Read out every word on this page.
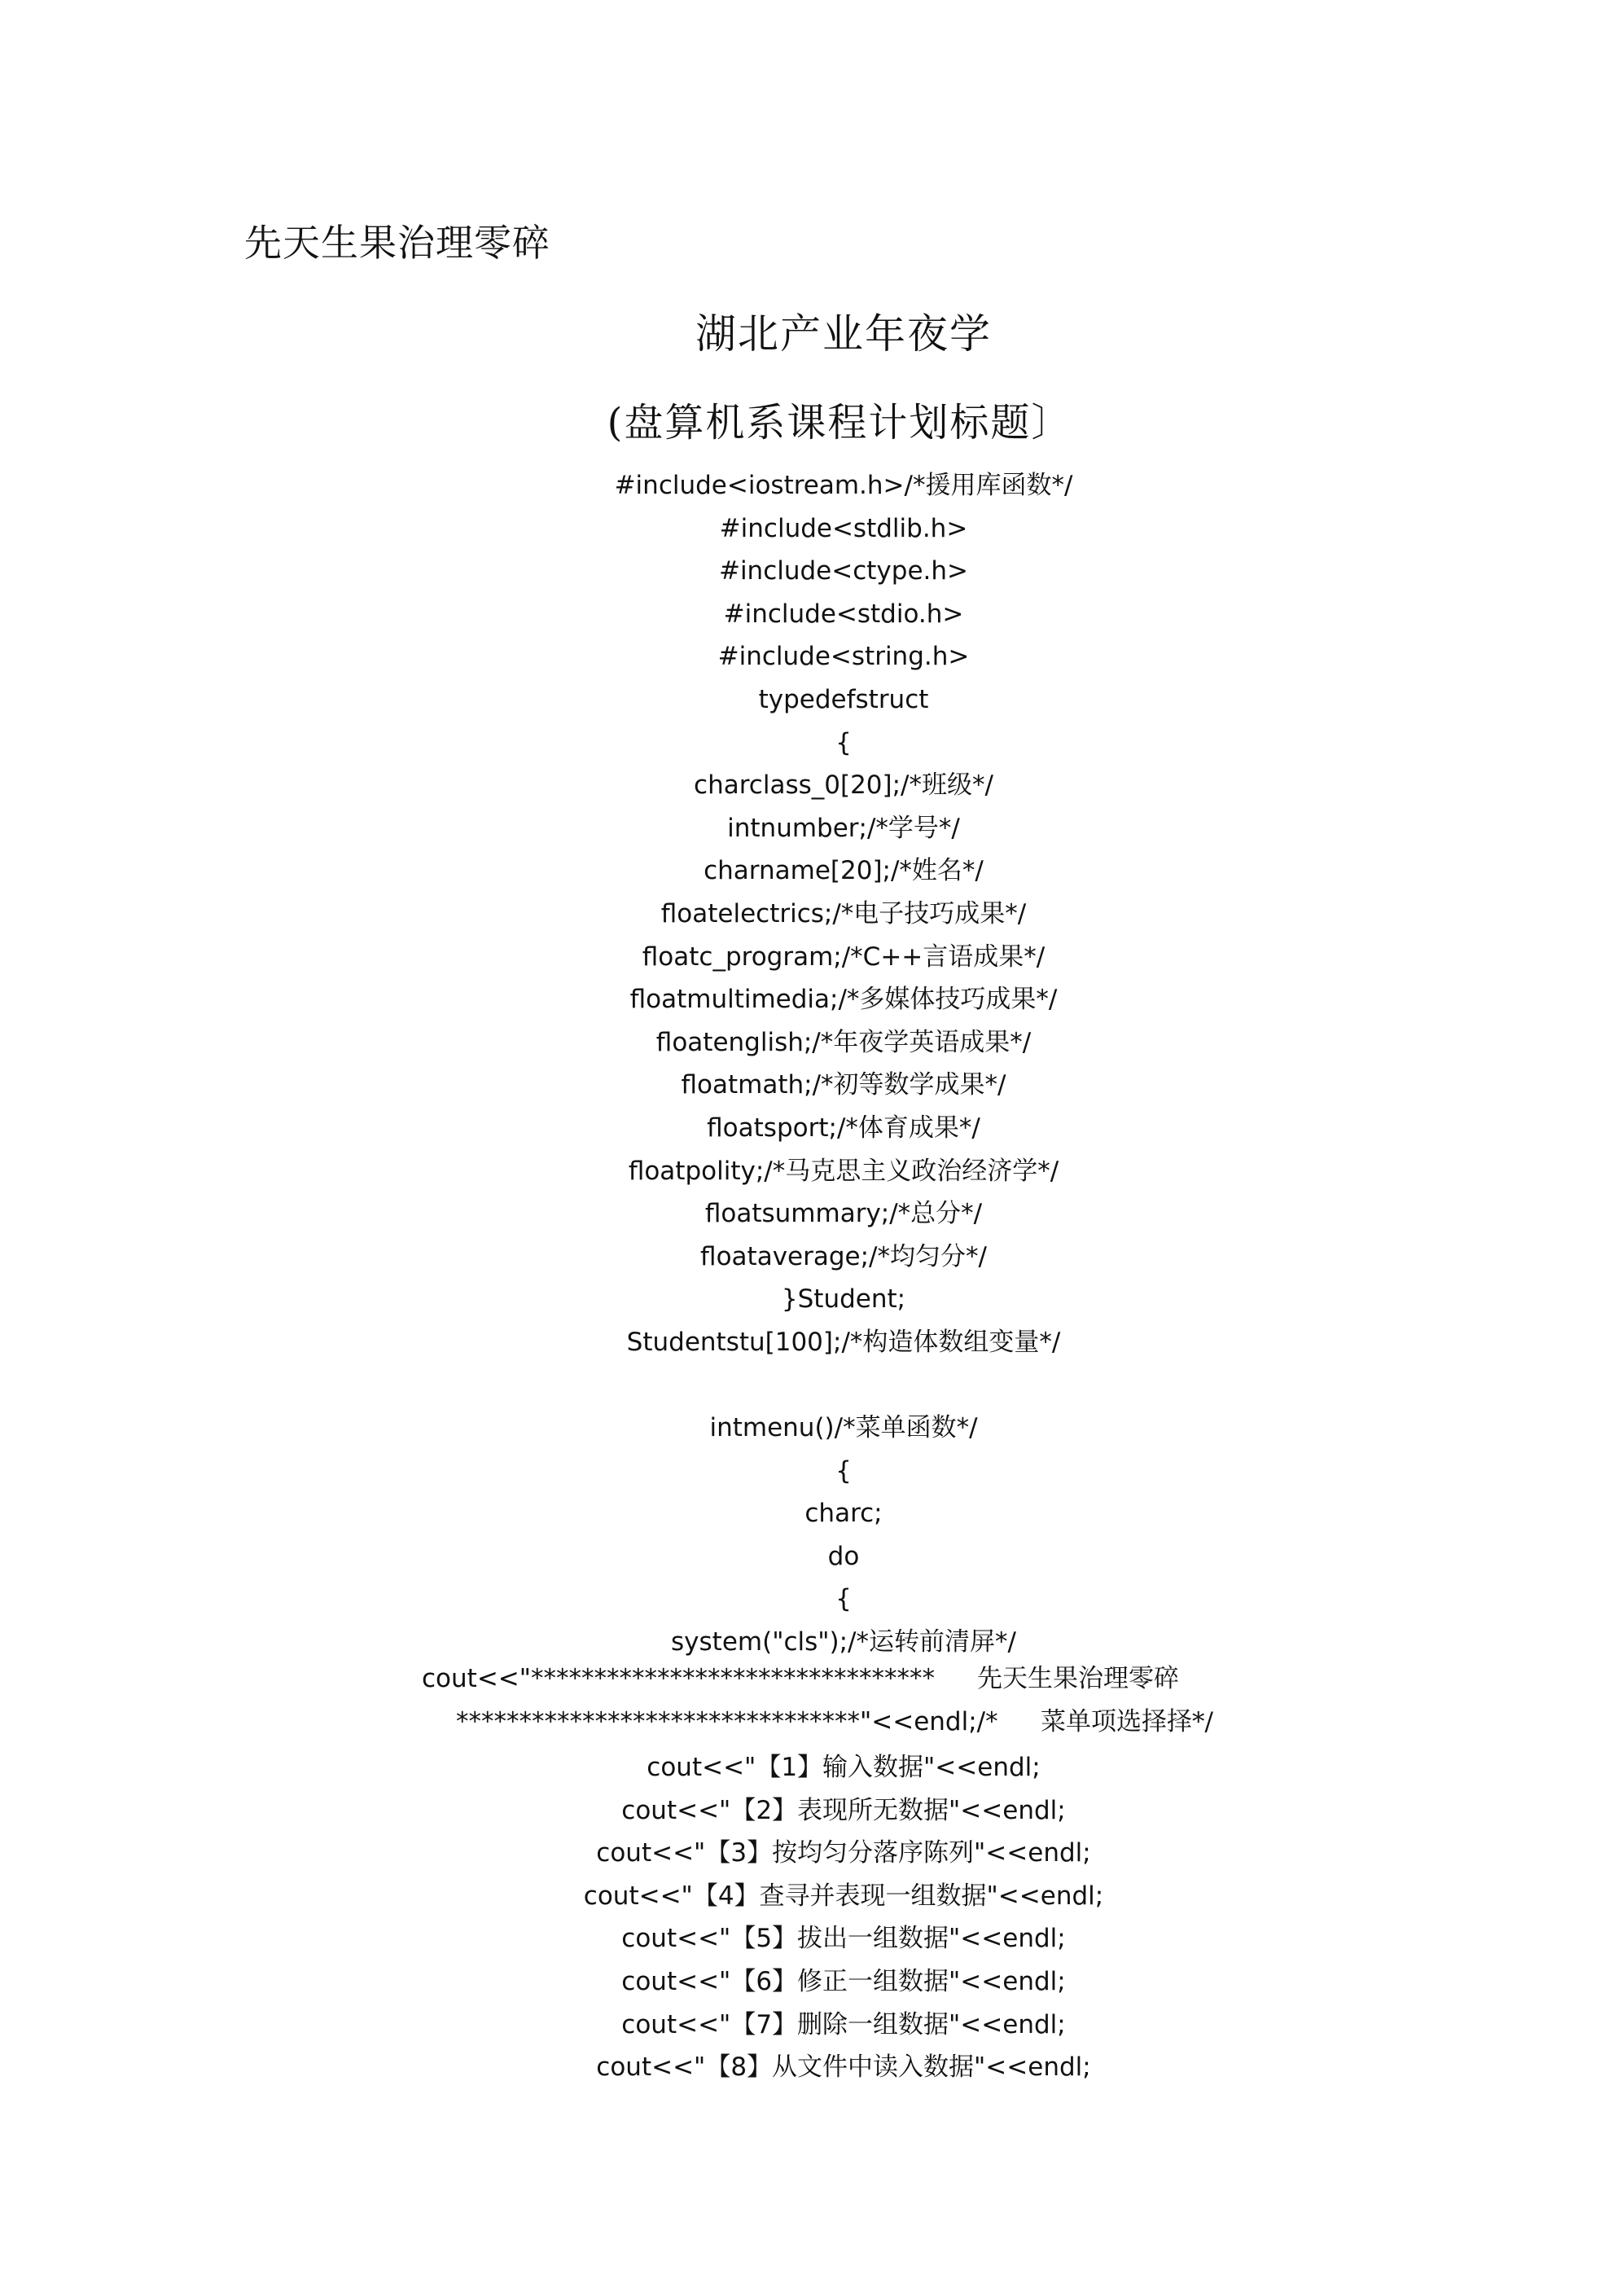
先天生果治理零碎
湖北产业年夜学
(盘算机系课程计划标题〕
#include<iostream.h>/*援用库函数*/
#include<stdlib.h>
#include<ctype.h>
#include<stdio.h>
#include<string.h>
typedefstruct
{
charclass_0[20];/*班级*/
intnumber;/*学号*/
charname[20];/*姓名*/
floatelectrics;/*电子技巧成果*/
floatc_program;/*C++言语成果*/
floatmultimedia;/*多媒体技巧成果*/
floatenglish;/*年夜学英语成果*/
floatmath;/*初等数学成果*/
floatsport;/*体育成果*/
floatpolity;/*马克思主义政治经济学*/
floatsummary;/*总分*/
floataverage;/*均匀分*/
}Student;
Studentstu[100];/*构造体数组变量*/
intmenu()/*菜单函数*/
{
charc;
do
{
system("cls");/*运转前清屏*/
cout<<"******************************** 先天生果治理零碎
********************************"<<endl;/* 菜单项选择择*/
cout<<"【1】输入数据"<<endl;
cout<<"【2】表现所无数据"<<endl;
cout<<"【3】按均匀分落序陈列"<<endl;
cout<<"【4】查寻并表现一组数据"<<endl;
cout<<"【5】拔出一组数据"<<endl;
cout<<"【6】修正一组数据"<<endl;
cout<<"【7】删除一组数据"<<endl;
cout<<"【8】从文件中读入数据"<<endl;
